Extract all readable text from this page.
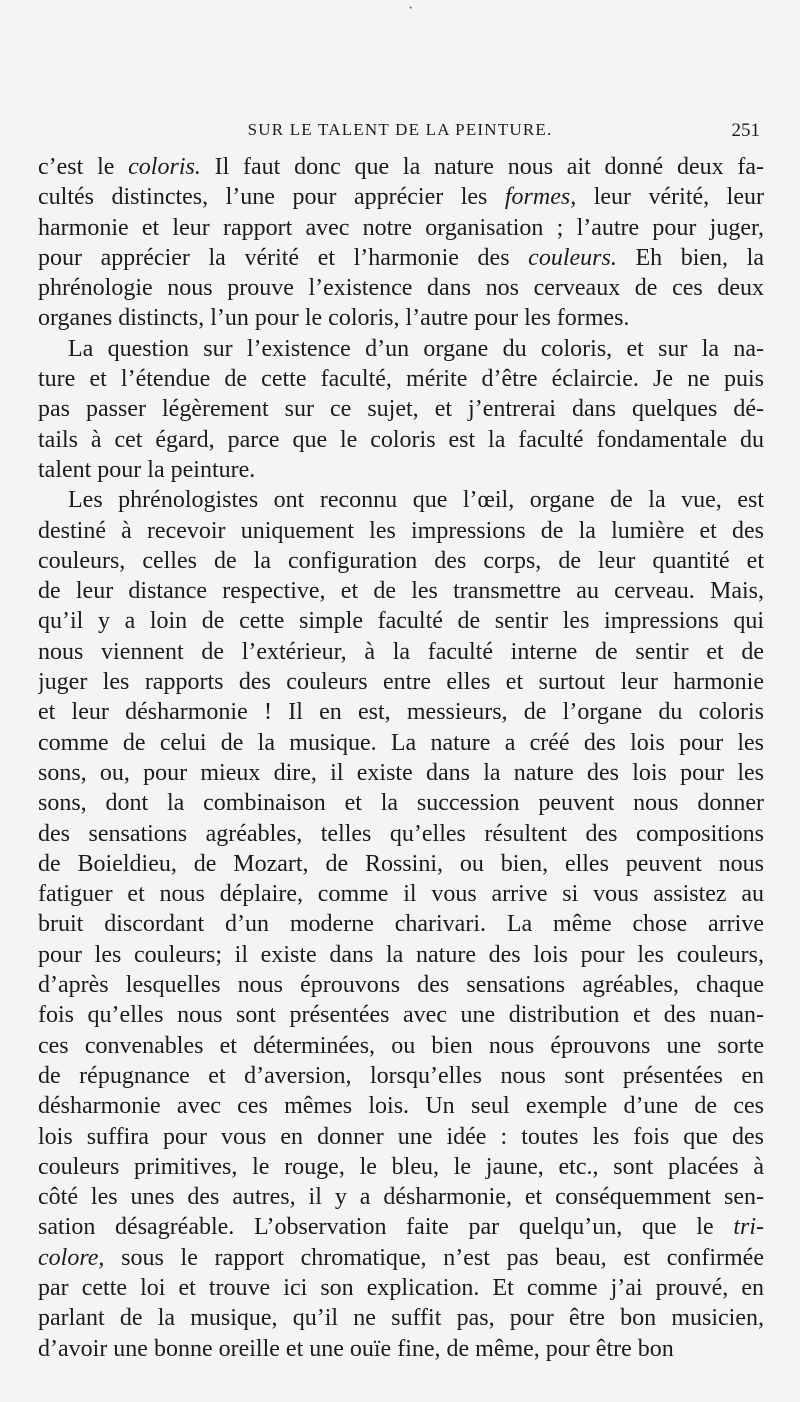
·
SUR LE TALENT DE LA PEINTURE.	251
c’est le coloris. Il faut donc que la nature nous ait donné deux fa-
cultés distinctes, l’une pour apprécier les formes, leur vérité, leur
harmonie et leur rapport avec notre organisation ; l’autre pour juger,
pour apprécier la vérité et l’harmonie des couleurs. Eh bien, la
phrénologie nous prouve l’existence dans nos cerveaux de ces deux
organes distincts, l’un pour le coloris, l’autre pour les formes.
La question sur l’existence d’un organe du coloris, et sur la na-
ture et l’étendue de cette faculté, mérite d’être éclaircie. Je ne puis
pas passer légèrement sur ce sujet, et j’entrerai dans quelques dé-
tails à cet égard, parce que le coloris est la faculté fondamentale du
talent pour la peinture.
Les phrénologistes ont reconnu que l’œil, organe de la vue, est
destiné à recevoir uniquement les impressions de la lumière et des
couleurs, celles de la configuration des corps, de leur quantité et
de leur distance respective, et de les transmettre au cerveau. Mais,
qu’il y a loin de cette simple faculté de sentir les impressions qui
nous viennent de l’extérieur, à la faculté interne de sentir et de
juger les rapports des couleurs entre elles et surtout leur harmonie
et leur désharmonie ! Il en est, messieurs, de l’organe du coloris
comme de celui de la musique. La nature a créé des lois pour les
sons, ou, pour mieux dire, il existe dans la nature des lois pour les
sons, dont la combinaison et la succession peuvent nous donner
des sensations agréables, telles qu’elles résultent des compositions
de Boieldieu, de Mozart, de Rossini, ou bien, elles peuvent nous
fatiguer et nous déplaire, comme il vous arrive si vous assistez au
bruit discordant d’un moderne charivari. La même chose arrive
pour les couleurs; il existe dans la nature des lois pour les couleurs,
d’après lesquelles nous éprouvons des sensations agréables, chaque
fois qu’elles nous sont présentées avec une distribution et des nuan-
ces convenables et déterminées, ou bien nous éprouvons une sorte
de répugnance et d’aversion, lorsqu’elles nous sont présentées en
désharmonie avec ces mêmes lois. Un seul exemple d’une de ces
lois suffira pour vous en donner une idée : toutes les fois que des
couleurs primitives, le rouge, le bleu, le jaune, etc., sont placées à
côté les unes des autres, il y a désharmonie, et conséquemment sen-
sation désagréable. L’observation faite par quelqu’un, que le tri-
colore, sous le rapport chromatique, n’est pas beau, est confirmée
par cette loi et trouve ici son explication. Et comme j’ai prouvé, en
parlant de la musique, qu’il ne suffit pas, pour être bon musicien,
d’avoir une bonne oreille et une ouïe fine, de même, pour être bon
